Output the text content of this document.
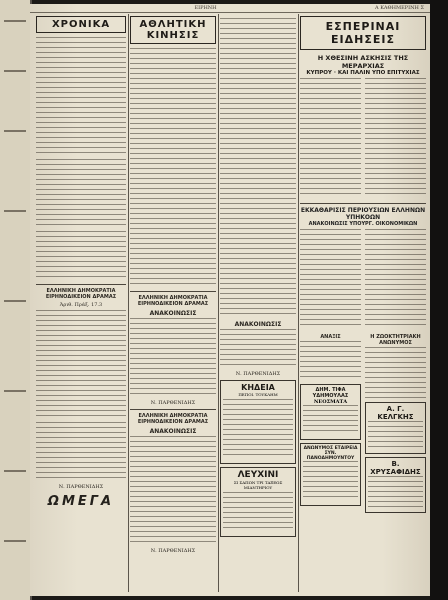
ΕΙΡΗΝΗ	Α ΚΑΘΗΜΕΡΙΝΗ Σ
ΧΡΟΝΙΚΑ
ΕΛΛΗΝΙΚΗ ΔΗΜΟΚΡΑΤΙΑ ΕΙΡΗΝΟΔΙΚΕΙΟΝ ΔΡΑΜΑΣ
Άριθ. Πράξ. 17.3
Ν. ΠΑΡΘΕΝΙΔΗΣ
ΩΜΕΓΑ
ΑΘΛΗΤΙΚΗ ΚΙΝΗΣΙΣ
ΕΛΛΗΝΙΚΗ ΔΗΜΟΚΡΑΤΙΑ ΕΙΡΗΝΟΔΙΚΕΙΟΝ ΔΡΑΜΑΣ
ΑΝΑΚΟΙΝΩΣΙΣ
Ν. ΠΑΡΘΕΝΙΔΗΣ
ΕΛΛΗΝΙΚΗ ΔΗΜΟΚΡΑΤΙΑ ΕΙΡΗΝΟΔΙΚΕΙΟΝ ΔΡΑΜΑΣ
ΑΝΑΚΟΙΝΩΣΙΣ
Ν. ΠΑΡΘΕΝΙΔΗΣ
ΑΝΑΚΟΙΝΩΣΙΣ
Ν. ΠΑΡΘΕΝΙΔΗΣ
ΚΗΔΕΙΑ
ΠΕΠΟΙ. ΤΟΥΚΛΗΜ
ΛΕΥΧΙΝΙ
ΣΙ ΣΑΠΩΝ ΤΡΙ ΤΑΞΕΩΣ ΜΙΑΝΤΗΡΙΟΥ
ΕΣΠΕΡΙΝΑΙ ΕΙΔΗΣΕΙΣ
Η ΧΘΕΣΙΝΗ ΑΣΚΗΣΙΣ ΤΗΣ ΜΕΡΑΡΧΙΑΣ
ΚΥΠΡΟΥ · ΚΑΙ ΠΑΛΙΝ ΥΠΟ ΕΠΙΤΥΧΙΑΣ
ΕΚΚΑΘΑΡΙΣΙΣ ΠΕΡΙΟΥΣΙΩΝ ΕΛΛΗΝΩΝ ΥΠΗΚΟΩΝ
ΑΝΑΚΟΙΝΩΣΙΣ ΥΠΟΥΡΓ. ΟΙΚΟΝΟΜΙΚΩΝ
ΑΝΑΞΙΣ
ΔΗΜ. ΤΙΦΑ ΥΔΗΜΟΥΛΑΣ
ΝΕΟΣΜΑΤΑ
ΑΝΩΝΥΜΟΣ ΕΤΑΙΡΕΙΑ ΣΥΝ. ΠΑΝΟΔΗΜΟΥΝΤΟΥ
Η ΖΩΟΚΤΗΤΡΙΑΚΗ ΑΝΩΝΥΜΟΣ
Α. Γ. ΚΕΛΓΚΗΣ
Β. ΧΡΥΣΑΦΙΔΗΣ
